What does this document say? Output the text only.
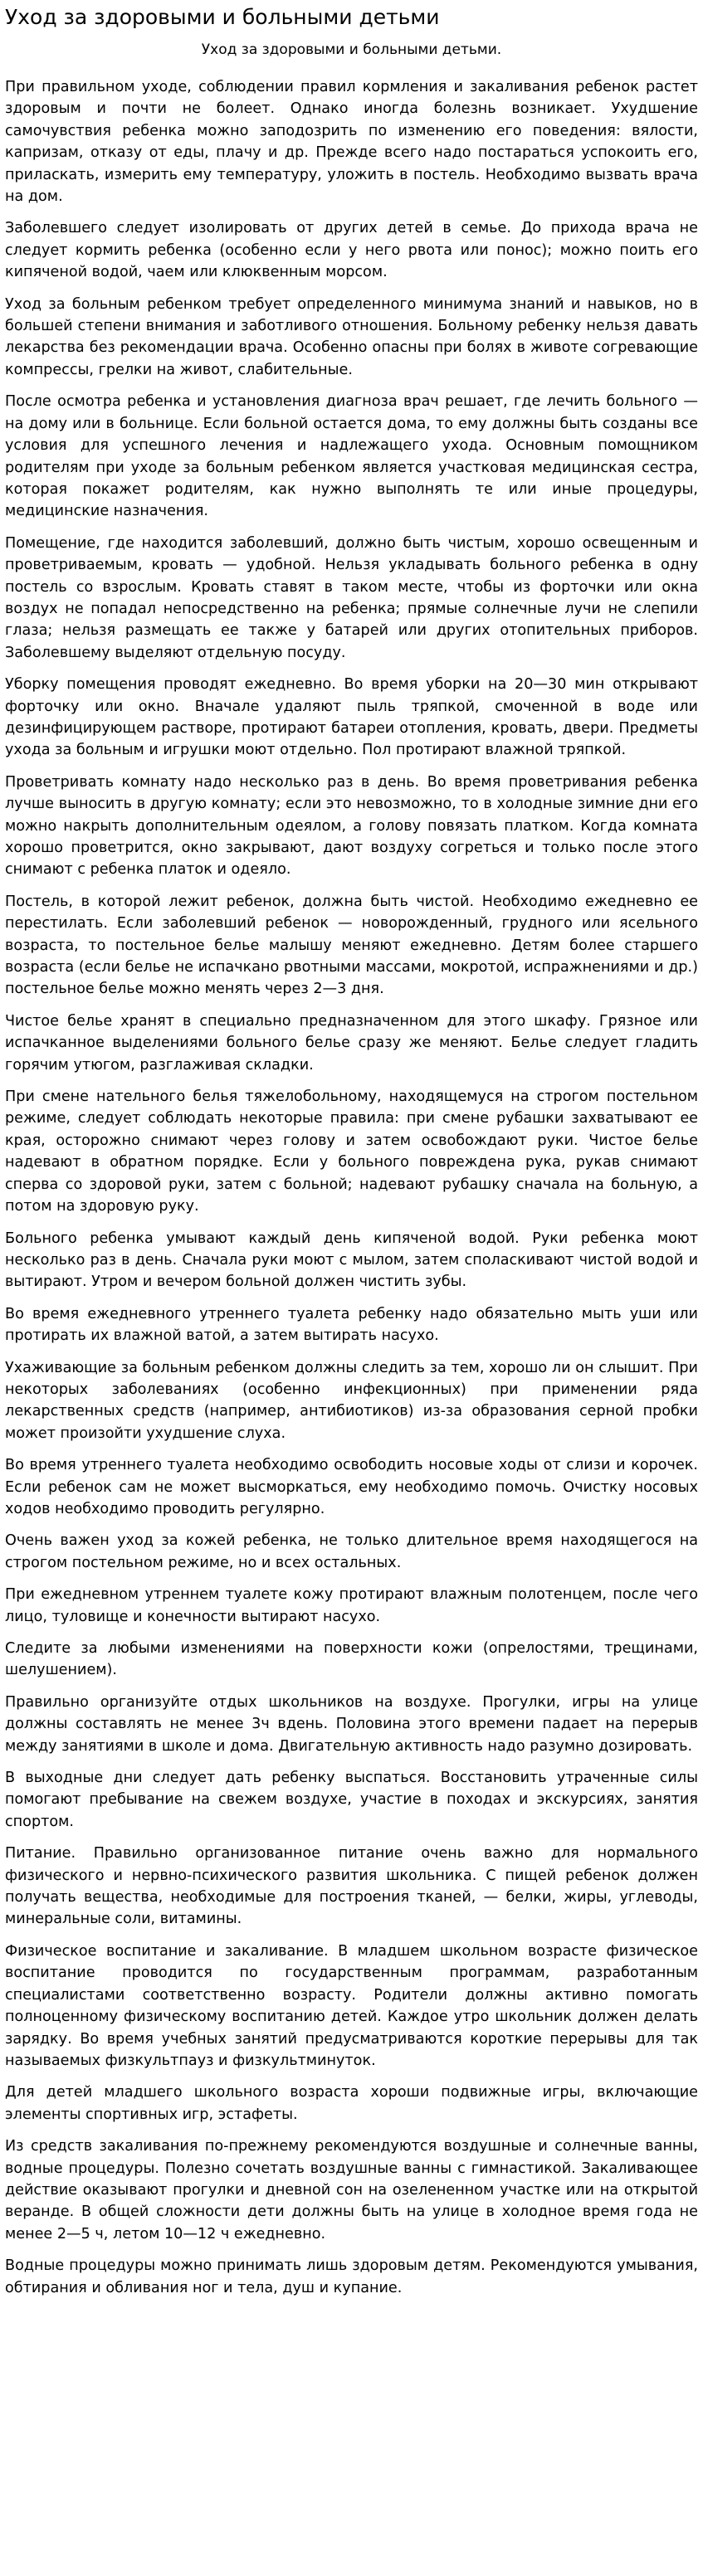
Уход за здоровыми и больными детьми
Уход за здоровыми и больными детьми.

При правильном уходе, соблюдении правил кормления и закаливания ребенок растет здоровым и почти не болеет. Однако иногда болезнь возникает. Ухудшение самочувствия ребенка можно заподозрить по изменению его поведения: вялости, капризам, отказу от еды, плачу и др. Прежде всего надо постараться успокоить его, приласкать, измерить ему температуру, уложить в постель. Необходимо вызвать врача на дом.

Заболевшего следует изолировать от других детей в семье. До прихода врача не следует кормить ребенка (особенно если у него рвота или понос); можно поить его кипяченой водой, чаем или клюквенным морсом.

Уход за больным ребенком требует определенного минимума знаний и навыков, но в большей степени внимания и заботливого отношения. Больному ребенку нельзя давать лекарства без рекомендации врача. Особенно опасны при болях в животе согревающие компрессы, грелки на живот, слабительные.

После осмотра ребенка и установления диагноза врач решает, где лечить больного — на дому или в больнице. Если больной остается дома, то ему должны быть созданы все условия для успешного лечения и надлежащего ухода. Основным помощником родителям при уходе за больным ребенком является участковая медицинская сестра, которая покажет родителям, как нужно выполнять те или иные процедуры, медицинские назначения.

Помещение, где находится заболевший, должно быть чистым, хорошо освещенным и проветриваемым, кровать — удобной. Нельзя укладывать больного ребенка в одну постель со взрослым. Кровать ставят в таком месте, чтобы из форточки или окна воздух не попадал непосредственно на ребенка; прямые солнечные лучи не слепили глаза; нельзя размещать ее также у батарей или других отопительных приборов. Заболевшему выделяют отдельную посуду.

Уборку помещения проводят ежедневно. Во время уборки на 20—30 мин открывают форточку или окно. Вначале удаляют пыль тряпкой, смоченной в воде или дезинфицирующем растворе, протирают батареи отопления, кровать, двери. Предметы ухода за больным и игрушки моют отдельно. Пол протирают влажной тряпкой.

Проветривать комнату надо несколько раз в день. Во время проветривания ребенка лучше выносить в другую комнату; если это невозможно, то в холодные зимние дни его можно накрыть дополнительным одеялом, а голову повязать платком. Когда комната хорошо проветрится, окно закрывают, дают воздуху согреться и только после этого снимают с ребенка платок и одеяло.

Постель, в которой лежит ребенок, должна быть чистой. Необходимо ежедневно ее перестилать. Если заболевший ребенок — новорожденный, грудного или ясельного возраста, то постельное белье малышу меняют ежедневно. Детям более старшего возраста (если белье не испачкано рвотными массами, мокротой, испражнениями и др.) постельное белье можно менять через 2—3 дня.

Чистое белье хранят в специально предназначенном для этого шкафу. Грязное или испачканное выделениями больного белье сразу же меняют. Белье следует гладить горячим утюгом, разглаживая складки.

При смене нательного белья тяжелобольному, находящемуся на строгом постельном режиме, следует соблюдать некоторые правила: при смене рубашки захватывают ее края, осторожно снимают через голову и затем освобождают руки. Чистое белье надевают в обратном порядке. Если у больного повреждена рука, рукав снимают сперва со здоровой руки, затем с больной; надевают рубашку сначала на больную, а потом на здоровую руку.

Больного ребенка умывают каждый день кипяченой водой. Руки ребенка моют несколько раз в день. Сначала руки моют с мылом, затем споласкивают чистой водой и вытирают. Утром и вечером больной должен чистить зубы.

Во время ежедневного утреннего туалета ребенку надо обязательно мыть уши или протирать их влажной ватой, а затем вытирать насухо.

Ухаживающие за больным ребенком должны следить за тем, хорошо ли он слышит. При некоторых заболеваниях (особенно инфекционных) при применении ряда лекарственных средств (например, антибиотиков) из-за образования серной пробки может произойти ухудшение слуха.

Во время утреннего туалета необходимо освободить носовые ходы от слизи и корочек. Если ребенок сам не может высморкаться, ему необходимо помочь. Очистку носовых ходов необходимо проводить регулярно.

Очень важен уход за кожей ребенка, не только длительное время находящегося на строгом постельном режиме, но и всех остальных.

При ежедневном утреннем туалете кожу протирают влажным полотенцем, после чего лицо, туловище и конечности вытирают насухо.

Следите за любыми изменениями на поверхности кожи (опрелостями, трещинами, шелушением).

Правильно организуйте отдых школьников на воздухе. Прогулки, игры на улице должны составлять не менее 3ч вдень. Половина этого времени падает на перерыв между занятиями в школе и дома. Двигательную активность надо разумно дозировать.

В выходные дни следует дать ребенку выспаться. Восстановить утраченные силы помогают пребывание на свежем воздухе, участие в походах и экскурсиях, занятия спортом.

Питание. Правильно организованное питание очень важно для нормального физического и нервно-психического развития школьника. С пищей ребенок должен получать вещества, необходимые для построения тканей, — белки, жиры, углеводы, минеральные соли, витамины.

Физическое воспитание и закаливание. В младшем школьном возрасте физическое воспитание проводится по государственным программам, разработанным специалистами соответственно возрасту. Родители должны активно помогать полноценному физическому воспитанию детей. Каждое утро школьник должен делать зарядку. Во время учебных занятий предусматриваются короткие перерывы для так называемых физкультпауз и физкультминуток.

Для детей младшего школьного возраста хороши подвижные игры, включающие элементы спортивных игр, эстафеты.

Из средств закаливания по-прежнему рекомендуются воздушные и солнечные ванны, водные процедуры. Полезно сочетать воздушные ванны с гимнастикой. Закаливающее действие оказывают прогулки и дневной сон на озелененном участке или на открытой веранде. В общей сложности дети должны быть на улице в холодное время года не менее 2—5 ч, летом 10—12 ч ежедневно.

Водные процедуры можно принимать лишь здоровым детям. Рекомендуются умывания, обтирания и обливания ног и тела, душ и купание.
